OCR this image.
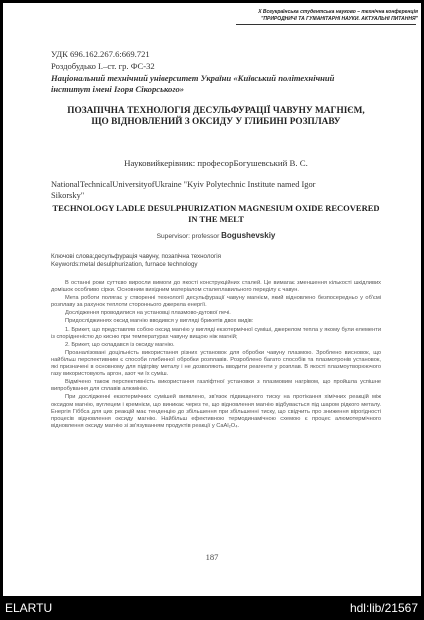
Х Всеукраїнська студентська науково – технічна конференція
"ПРИРОДНИЧІ ТА ГУМАНІТАРНІ НАУКИ. АКТУАЛЬНІ ПИТАННЯ"
УДК 696.162.267.6:669.721
Роздобудько І.–ст. гр. ФС-32
Національний технічний університет України «Київський політехнічний
інститут імені Ігоря Сікорського»
ПОЗАПІЧНА ТЕХНОЛОГІЯ ДЕСУЛЬФУРАЦІЇ ЧАВУНУ МАГНІЄМ, ЩО ВІДНОВЛЕНИЙ З ОКСИДУ У ГЛИБИНІ РОЗПЛАВУ
Науковийкерівник: професорБогушевський В. С.
NationalTechnicalUniversityofUkraine "Kyiv Polytechnic Institute named Igor
Sikorsky"
TECHNOLOGY LADLE DESULPHURIZATION MAGNESIUM OXIDE RECOVERED IN THE MELT
Supervisor: professor Bogushevskiy
Ключові слова:десульфурація чавуну, позапічна технологія
Keywords:metal desulphurization, furnace technology

В останні роки суттєво виросли вимоги до якості конструкційних сталей. Це вимагає зменшення кількості шкідливих домішок особливо сірки. Основним вихідним матеріалом сталеплавильного переділу є чавун.

Мета роботи полягає у створенні технології десульфурації чавуну магнієм, який відновлено безпосередньо у об'ємі розплаву за рахунок теплоти стороннього джерела енергії.

Дослідження проводилися на установці плазмово-дугової печі.

Придосліджиннях оксид магнію вводився у вигляді брикетів двох видів:

1. Брикет, що представляв собою оксид магнію у вигляді екзотермічної суміші, джерелом тепла у якому були елементи із спорідненістю до кисню при температурах чавуну вищою ніж магній;

2. Брикет, що складався із оксиду магнію.

Проаналізовані доцільність використання різних установок для обробки чавуну плазмою. Зроблено висновок, що найбільш перспективним є способи глибинної обробки розплавів. Розроблено багато способів та плазмотронів установок, які призначені в основному для підігріву металу і не дозволяють вводити реагенти у розплав. В якості плазмоутворюючого газу використовують аргон, азот чи їх суміш.

Відмічено також перспективність використання газліфтної установки з плазмовим нагрівом, що пройшла успішне випробування для сплавів алюмінію.

При дослідженні екзотермічних сумішей виявлено, зв'язок підвищеного тиску на протікання хімічних реакцій між оксидом магнію, вуглецем і кремнієм, що виникає через те, що відновлення магнію відбувається під шаром рідкого металу. Енергія Гіббса для цих реакцій має тенденцію до збільшення при збільшенні тиску, що свідчить про зниження вірогідності процесів відновлення оксиду магнію. Найбільш ефективною термодинамічною схемою є процес алюмотермічного відновлення оксиду магнію зі зв'язуванням продуктів реакції у CaAl₂O₄.

187
ELARTU	hdl:lib/21567
